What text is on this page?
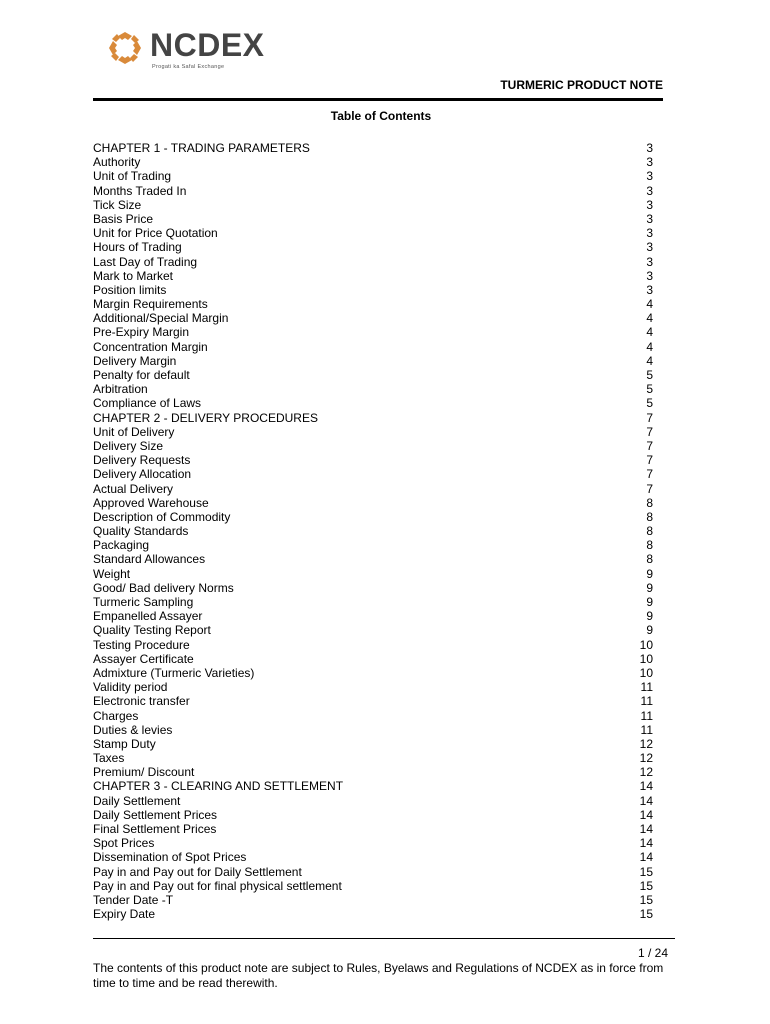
NCDEX
Progati ka Safal Exchange
TURMERIC PRODUCT NOTE
Table of Contents
CHAPTER 1 - TRADING PARAMETERS	3
Authority	3
Unit of Trading	3
Months Traded In	3
Tick Size	3
Basis Price	3
Unit for Price Quotation	3
Hours of Trading	3
Last Day of Trading	3
Mark to Market	3
Position limits	3
Margin Requirements	4
Additional/Special Margin	4
Pre-Expiry Margin	4
Concentration Margin	4
Delivery Margin	4
Penalty for default	5
Arbitration	5
Compliance of Laws	5
CHAPTER 2 - DELIVERY PROCEDURES	7
Unit of Delivery	7
Delivery Size	7
Delivery Requests	7
Delivery Allocation	7
Actual Delivery	7
Approved Warehouse	8
Description of Commodity	8
Quality Standards	8
Packaging	8
Standard Allowances	8
Weight	9
Good/ Bad delivery Norms	9
Turmeric Sampling	9
Empanelled Assayer	9
Quality Testing Report	9
Testing Procedure	10
Assayer Certificate	10
Admixture (Turmeric Varieties)	10
Validity period	11
Electronic transfer	11
Charges	11
Duties & levies	11
Stamp Duty	12
Taxes	12
Premium/ Discount	12
CHAPTER 3 - CLEARING AND SETTLEMENT	14
Daily Settlement	14
Daily Settlement Prices	14
Final Settlement Prices	14
Spot Prices	14
Dissemination of Spot Prices	14
Pay in and Pay out for Daily Settlement	15
Pay in and Pay out for final physical settlement	15
Tender Date -T	15
Expiry Date	15
1 / 24
The contents of this product note are subject to Rules, Byelaws and Regulations of NCDEX as in force from time to time and be read therewith.
